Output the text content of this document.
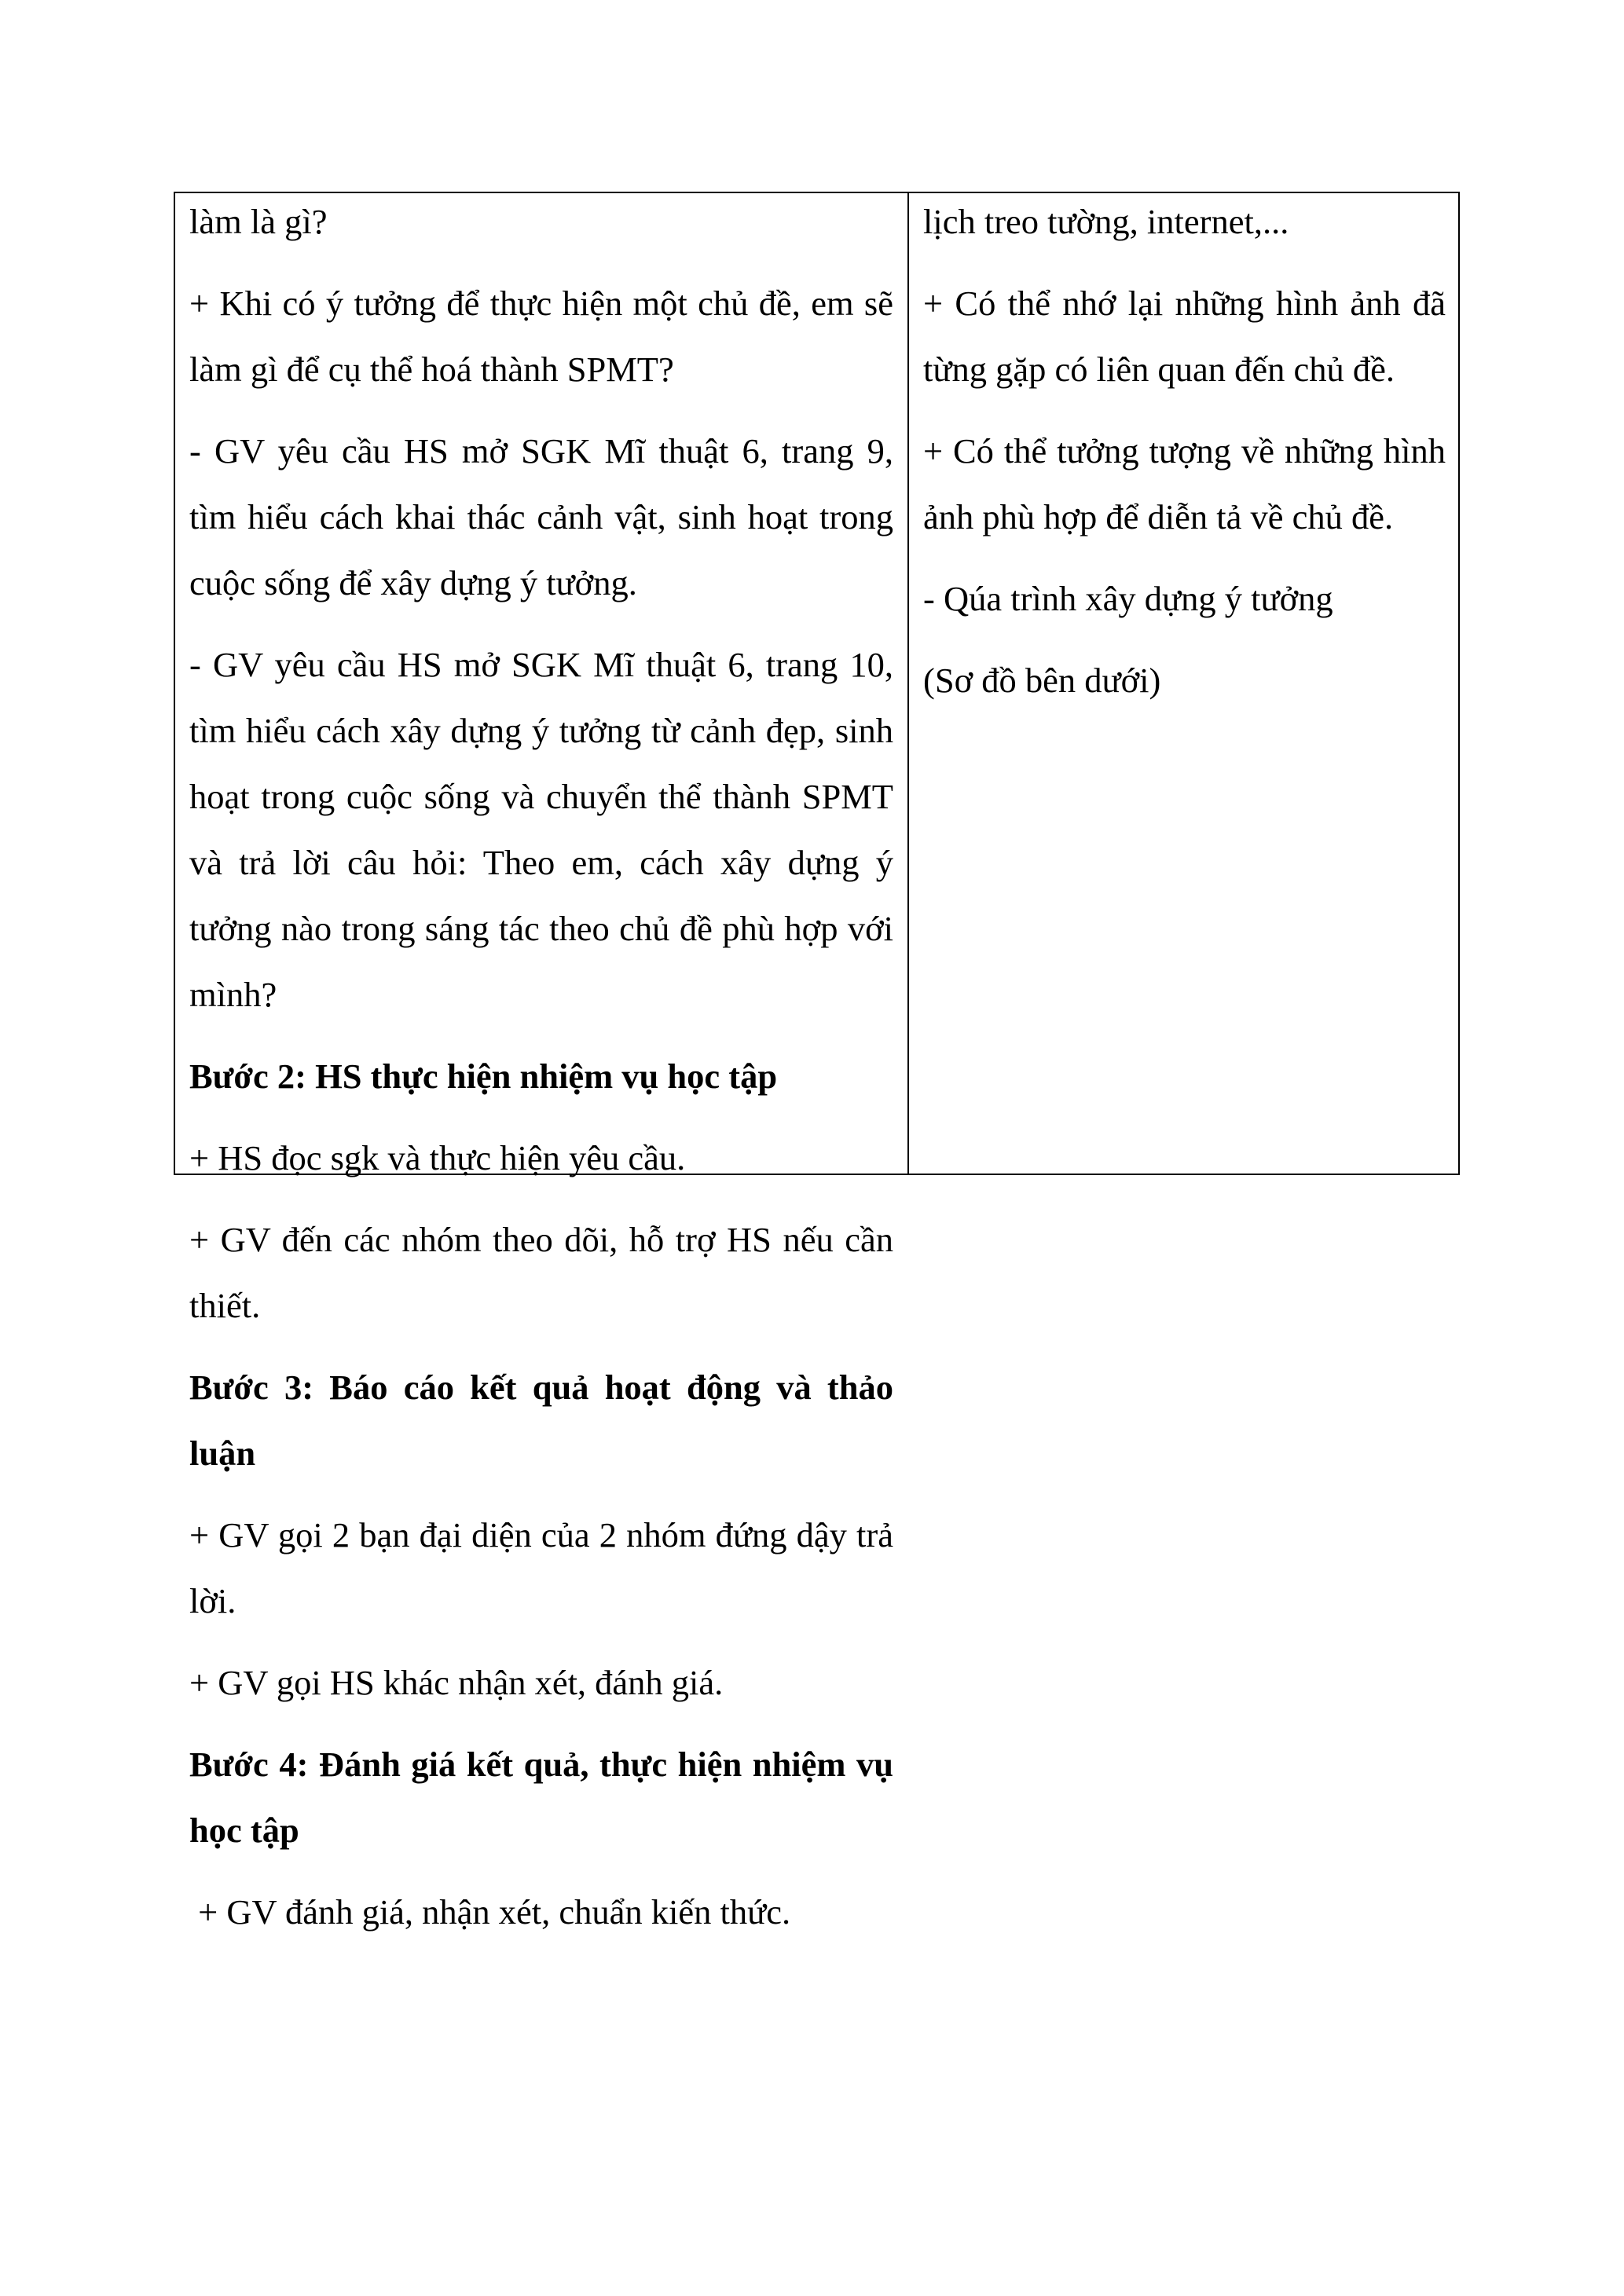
làm là gì?

+ Khi có ý tưởng để thực hiện một chủ đề, em sẽ làm gì để cụ thể hoá thành SPMT?

- GV yêu cầu HS mở SGK Mĩ thuật 6, trang 9, tìm hiểu cách khai thác cảnh vật, sinh hoạt trong cuộc sống để xây dựng ý tưởng.

- GV yêu cầu HS mở SGK Mĩ thuật 6, trang 10, tìm hiểu cách xây dựng ý tưởng từ cảnh đẹp, sinh hoạt trong cuộc sống và chuyển thể thành SPMT và trả lời câu hỏi: Theo em, cách xây dựng ý tưởng nào trong sáng tác theo chủ đề phù hợp với mình?

Bước 2: HS thực hiện nhiệm vụ học tập

+ HS đọc sgk và thực hiện yêu cầu.

+ GV đến các nhóm theo dõi, hỗ trợ HS nếu cần thiết.

Bước 3: Báo cáo kết quả hoạt động và thảo luận

+ GV gọi 2 bạn đại diện của 2 nhóm đứng dậy trả lời.

+ GV gọi HS khác nhận xét, đánh giá.

Bước 4: Đánh giá kết quả, thực hiện nhiệm vụ học tập

+ GV đánh giá, nhận xét, chuẩn kiến thức.

lịch treo tường, internet,...

+ Có thể nhớ lại những hình ảnh đã từng gặp có liên quan đến chủ đề.

+ Có thể tưởng tượng về những hình ảnh phù hợp để diễn tả về chủ đề.

- Qúa trình xây dựng ý tưởng

(Sơ đồ bên dưới)
